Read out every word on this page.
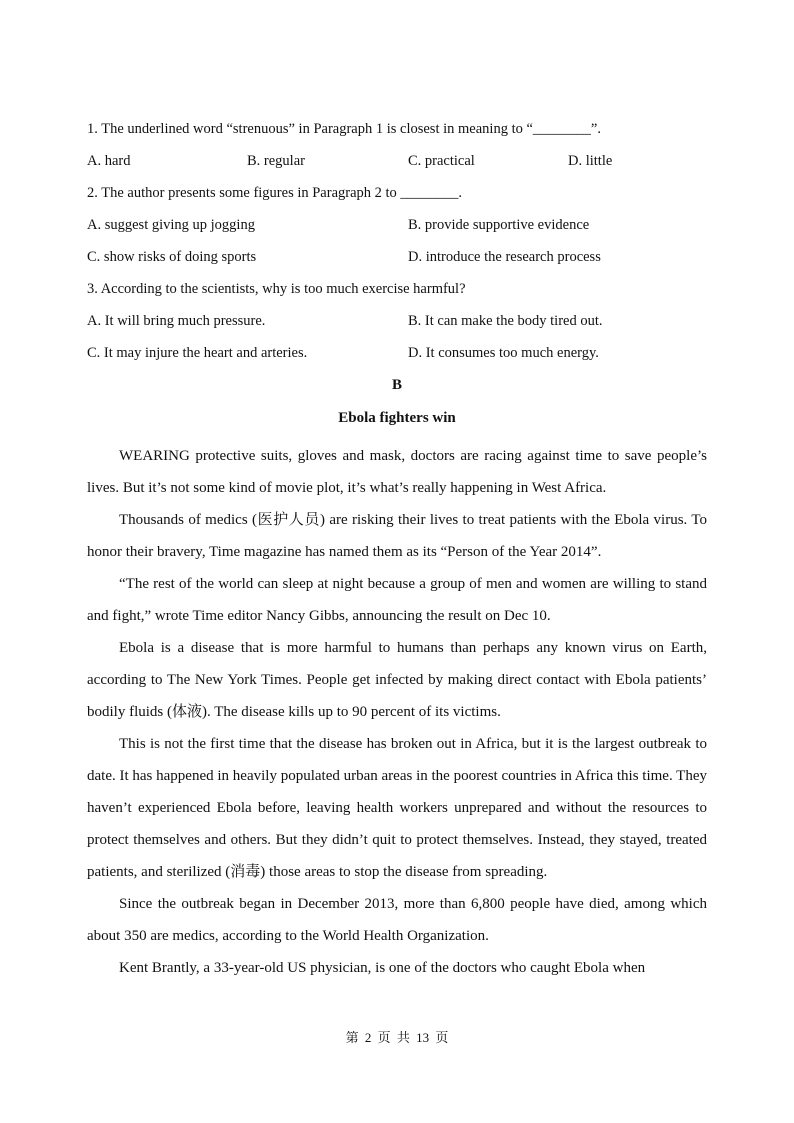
1. The underlined word “strenuous” in Paragraph 1 is closest in meaning to “________”.
A. hard	B. regular	C. practical	D. little
2. The author presents some figures in Paragraph 2 to ________.
A. suggest giving up jogging	B. provide supportive evidence
C. show risks of doing sports	D. introduce the research process
3. According to the scientists, why is too much exercise harmful?
A. It will bring much pressure.	B. It can make the body tired out.
C. It may injure the heart and arteries.	D. It consumes too much energy.
B
Ebola fighters win

WEARING protective suits, gloves and mask, doctors are racing against time to save people’s lives. But it’s not some kind of movie plot, it’s what’s really happening in West Africa.

Thousands of medics (医护人员) are risking their lives to treat patients with the Ebola virus. To honor their bravery, Time magazine has named them as its “Person of the Year 2014”.

“The rest of the world can sleep at night because a group of men and women are willing to stand and fight,” wrote Time editor Nancy Gibbs, announcing the result on Dec 10.

Ebola is a disease that is more harmful to humans than perhaps any known virus on Earth, according to The New York Times. People get infected by making direct contact with Ebola patients’ bodily fluids (体液). The disease kills up to 90 percent of its victims.

This is not the first time that the disease has broken out in Africa, but it is the largest outbreak to date. It has happened in heavily populated urban areas in the poorest countries in Africa this time. They haven’t experienced Ebola before, leaving health workers unprepared and without the resources to protect themselves and others. But they didn’t quit to protect themselves. Instead, they stayed, treated patients, and sterilized (消毒) those areas to stop the disease from spreading.

Since the outbreak began in December 2013, more than 6,800 people have died, among which about 350 are medics, according to the World Health Organization.

Kent Brantly, a 33-year-old US physician, is one of the doctors who caught Ebola when

第 2 页 共 13 页
